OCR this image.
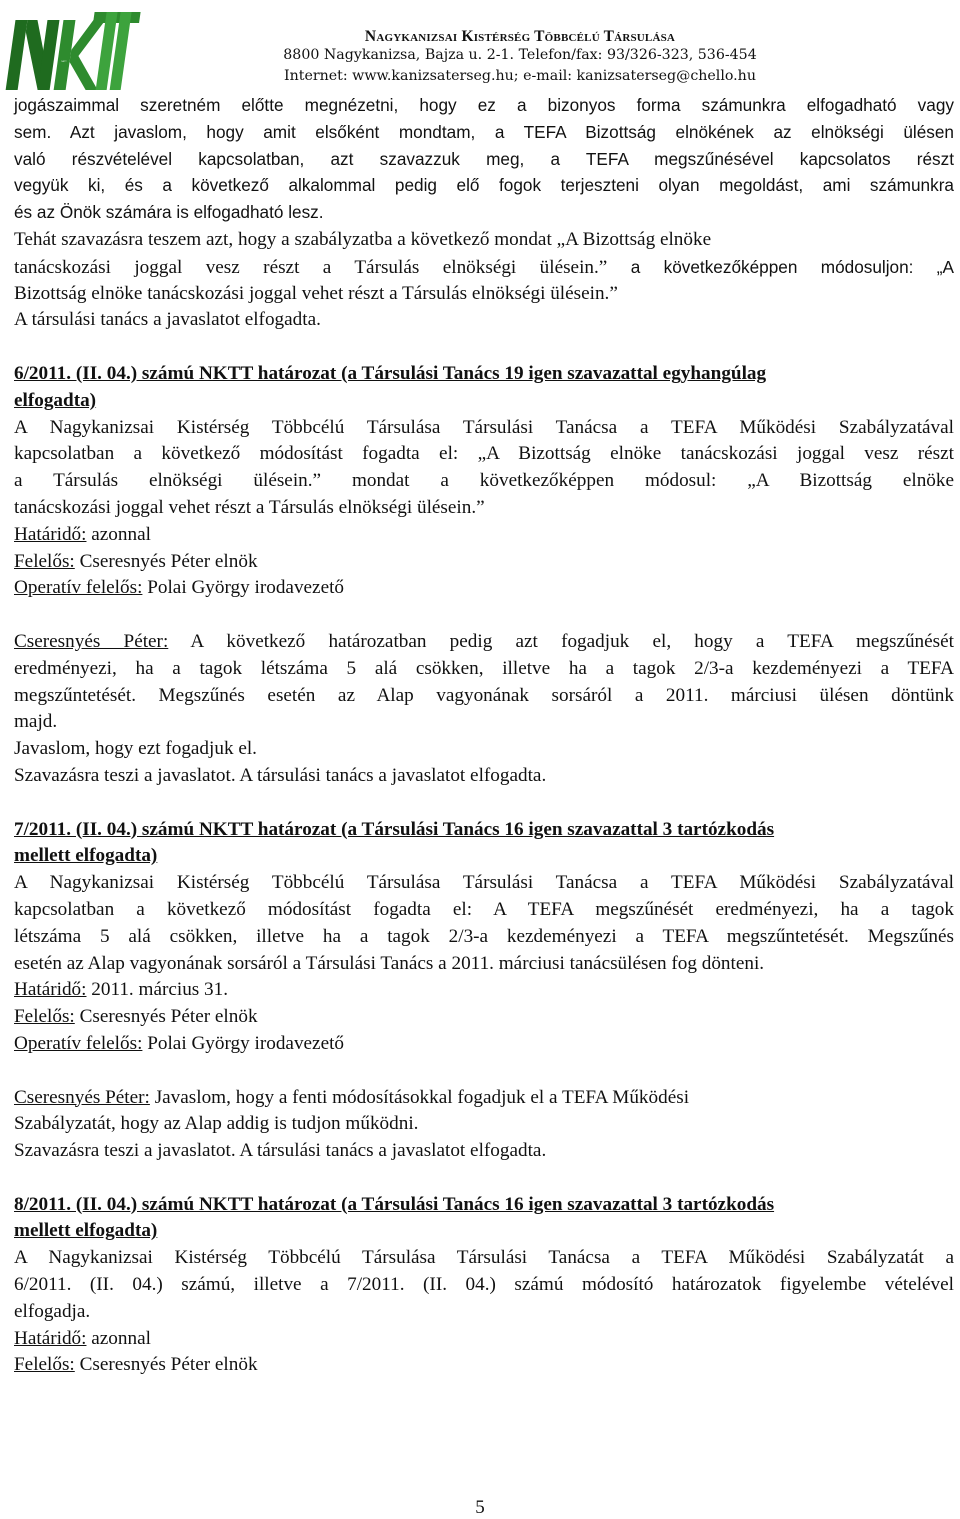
NKTT
Nagykanizsai Kistérség Többcélú Társulása
8800 Nagykanizsa, Bajza u. 2-1. Telefon/fax: 93/326-323, 536-454
Internet: www.kanizsaterseg.hu; e-mail: kanizsaterseg@chello.hu
jogászaimmal szeretném előtte megnézetni, hogy ez a bizonyos forma számunkra elfogadható vagy
sem. Azt javaslom, hogy amit elsőként mondtam, a TEFA Bizottság elnökének az elnökségi ülésen
való részvételével kapcsolatban, azt szavazzuk meg, a TEFA megszűnésével kapcsolatos részt
vegyük ki, és a következő alkalommal pedig elő fogok terjeszteni olyan megoldást, ami számunkra
és az Önök számára is elfogadható lesz.
Tehát szavazásra teszem azt, hogy a szabályzatba a következő mondat „A Bizottság elnöke
tanácskozási joggal vesz részt a Társulás elnökségi ülésein.” a következőképpen módosuljon: „A
Bizottság elnöke tanácskozási joggal vehet részt a Társulás elnökségi ülésein.”
A társulási tanács a javaslatot elfogadta.
6/2011. (II. 04.) számú NKTT határozat (a Társulási Tanács 19 igen szavazattal egyhangúlag
elfogadta)
A Nagykanizsai Kistérség Többcélú Társulása Társulási Tanácsa a TEFA Működési Szabályzatával
kapcsolatban a következő módosítást fogadta el: „A Bizottság elnöke tanácskozási joggal vesz részt
a Társulás elnökségi ülésein.” mondat a következőképpen módosul: „A Bizottság elnöke
tanácskozási joggal vehet részt a Társulás elnökségi ülésein.”
Határidő: azonnal
Felelős: Cseresnyés Péter elnök
Operatív felelős: Polai György irodavezető
Cseresnyés Péter: A következő határozatban pedig azt fogadjuk el, hogy a TEFA megszűnését
eredményezi, ha a tagok létszáma 5 alá csökken, illetve ha a tagok 2/3-a kezdeményezi a TEFA
megszűntetését. Megszűnés esetén az Alap vagyonának sorsáról a 2011. márciusi ülésen döntünk
majd.
Javaslom, hogy ezt fogadjuk el.
Szavazásra teszi a javaslatot. A társulási tanács a javaslatot elfogadta.
7/2011. (II. 04.) számú NKTT határozat (a Társulási Tanács 16 igen szavazattal 3 tartózkodás
mellett elfogadta)
A Nagykanizsai Kistérség Többcélú Társulása Társulási Tanácsa a TEFA Működési Szabályzatával
kapcsolatban a következő módosítást fogadta el: A TEFA megszűnését eredményezi, ha a tagok
létszáma 5 alá csökken, illetve ha a tagok 2/3-a kezdeményezi a TEFA megszűntetését. Megszűnés
esetén az Alap vagyonának sorsáról a Társulási Tanács a 2011. márciusi tanácsülésen fog dönteni.
Határidő: 2011. március 31.
Felelős: Cseresnyés Péter elnök
Operatív felelős: Polai György irodavezető
Cseresnyés Péter: Javaslom, hogy a fenti módosításokkal fogadjuk el a TEFA Működési
Szabályzatát, hogy az Alap addig is tudjon működni.
Szavazásra teszi a javaslatot. A társulási tanács a javaslatot elfogadta.
8/2011. (II. 04.) számú NKTT határozat (a Társulási Tanács 16 igen szavazattal 3 tartózkodás
mellett elfogadta)
A Nagykanizsai Kistérség Többcélú Társulása Társulási Tanácsa a TEFA Működési Szabályzatát a
6/2011. (II. 04.) számú, illetve a 7/2011. (II. 04.) számú módosító határozatok figyelembe vételével
elfogadja.
Határidő: azonnal
Felelős: Cseresnyés Péter elnök
5
